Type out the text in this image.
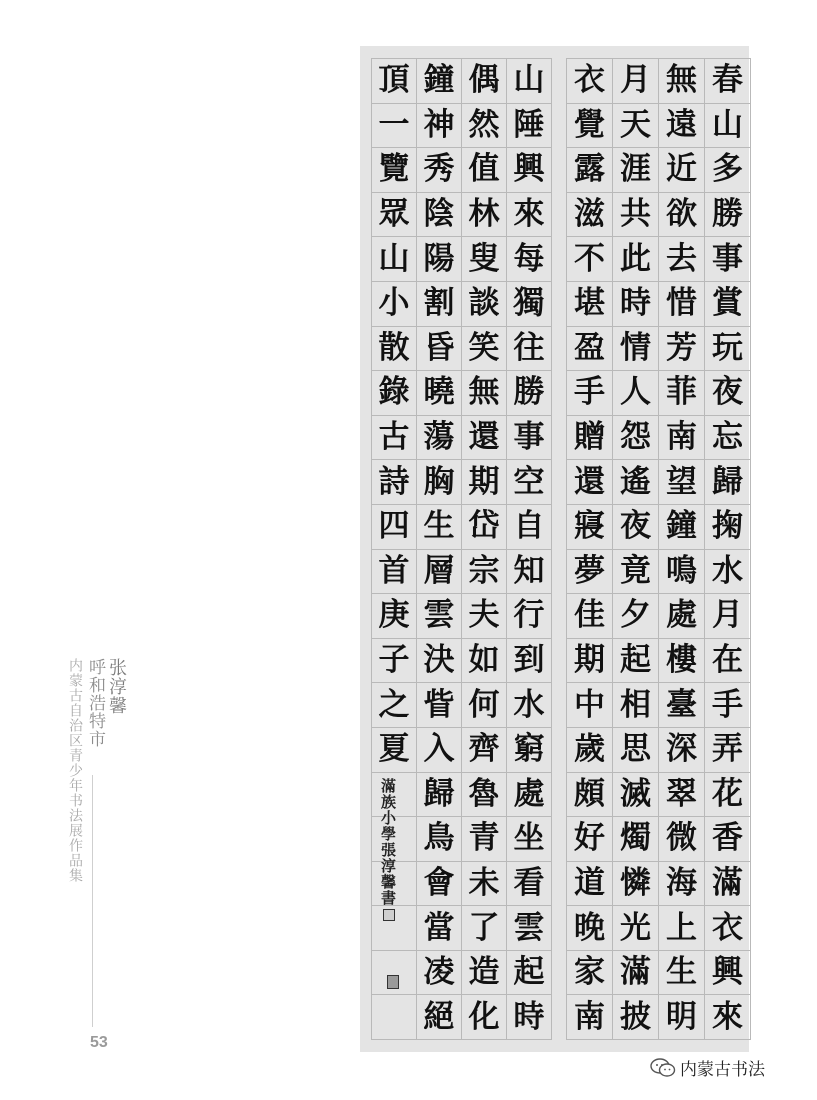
张淳馨
呼和浩特市
内蒙古自治区青少年书法展作品集
53
頂	鐘	偶	山
一	神	然	陲
覽	秀	值	興
眾	陰	林	來
山	陽	叟	每
小	割	談	獨
散	昏	笑	往
錄	曉	無	勝
古	蕩	還	事
詩	胸	期	空
四	生	岱	自
首	層	宗	知
庚	雲	夫	行
子	決	如	到
之	眥	何	水
夏	入	齊	窮
	歸	魯	處
	鳥	青	坐
	會	未	看
	當	了	雲
	凌	造	起
	絕	化	時
衣	月	無	春
覺	天	遠	山
露	涯	近	多
滋	共	欲	勝
不	此	去	事
堪	時	惜	賞
盈	情	芳	玩
手	人	菲	夜
贈	怨	南	忘
還	遙	望	歸
寢	夜	鐘	掬
夢	竟	鳴	水
佳	夕	處	月
期	起	樓	在
中	相	臺	手
歲	思	深	弄
頗	滅	翠	花
好	燭	微	香
道	憐	海	滿
晚	光	上	衣
家	滿	生	興
南	披	明	來
滿族小學張淳馨書
内蒙古书法
